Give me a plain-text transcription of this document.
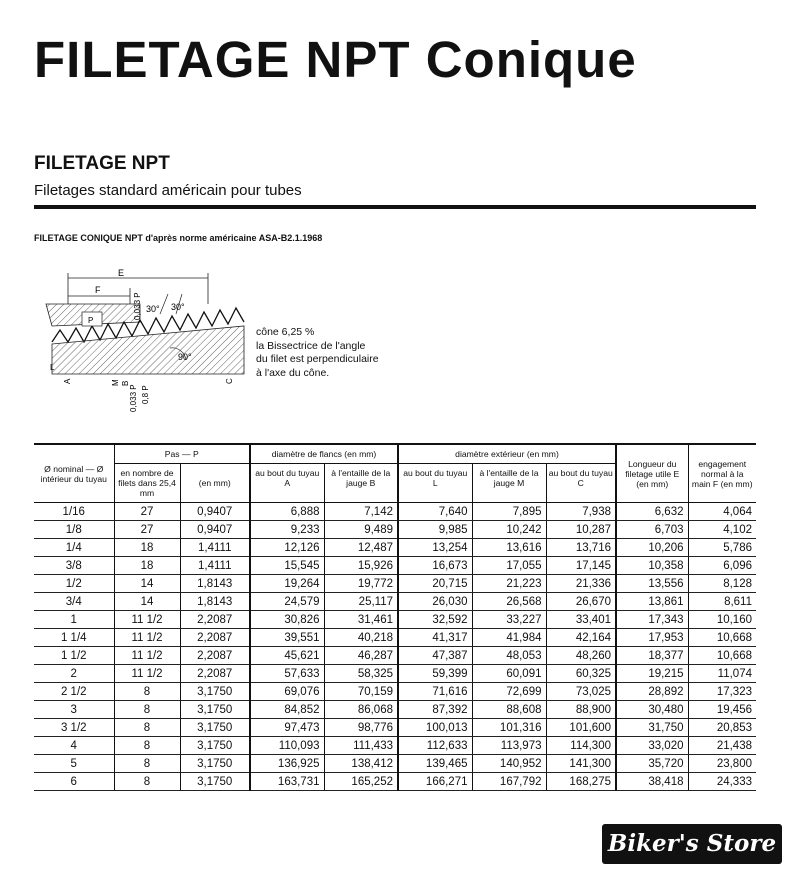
FILETAGE NPT Conique
FILETAGE NPT
Filetages standard américain pour tubes
FILETAGE CONIQUE NPT d'après norme américaine ASA-B2.1.1968
E
F
P
0,033 P 30° 30°
90°
L
A	M B
0,033 P 0,8 P
C
cône 6,25 %
la Bissectrice de l'angle
du filet est perpendiculaire
à l'axe du cône.
Ø nominal — Ø intérieur du tuyau	Pas — P		diamètre de flancs (en mm)		diamètre extérieur (en mm)			Longueur du filetage utile E (en mm)	engagement normal à la main F (en mm)
	en nombre de filets dans 25,4 mm	(en mm)	au bout du tuyau A	à l'entaille de la jauge B	au bout du tuyau L	à l'entaille de la jauge M	au bout du tuyau C		
1/16	27	0,9407	6,888	7,142	7,640	7,895	7,938	6,632	4,064
1/8	27	0,9407	9,233	9,489	9,985	10,242	10,287	6,703	4,102
1/4	18	1,4111	12,126	12,487	13,254	13,616	13,716	10,206	5,786
3/8	18	1,4111	15,545	15,926	16,673	17,055	17,145	10,358	6,096
1/2	14	1,8143	19,264	19,772	20,715	21,223	21,336	13,556	8,128
3/4	14	1,8143	24,579	25,117	26,030	26,568	26,670	13,861	8,611
1	11 1/2	2,2087	30,826	31,461	32,592	33,227	33,401	17,343	10,160
1 1/4	11 1/2	2,2087	39,551	40,218	41,317	41,984	42,164	17,953	10,668
1 1/2	11 1/2	2,2087	45,621	46,287	47,387	48,053	48,260	18,377	10,668
2	11 1/2	2,2087	57,633	58,325	59,399	60,091	60,325	19,215	11,074
2 1/2	8	3,1750	69,076	70,159	71,616	72,699	73,025	28,892	17,323
3	8	3,1750	84,852	86,068	87,392	88,608	88,900	30,480	19,456
3 1/2	8	3,1750	97,473	98,776	100,013	101,316	101,600	31,750	20,853
4	8	3,1750	110,093	111,433	112,633	113,973	114,300	33,020	21,438
5	8	3,1750	136,925	138,412	139,465	140,952	141,300	35,720	23,800
6	8	3,1750	163,731	165,252	166,271	167,792	168,275	38,418	24,333
Biker's Store
